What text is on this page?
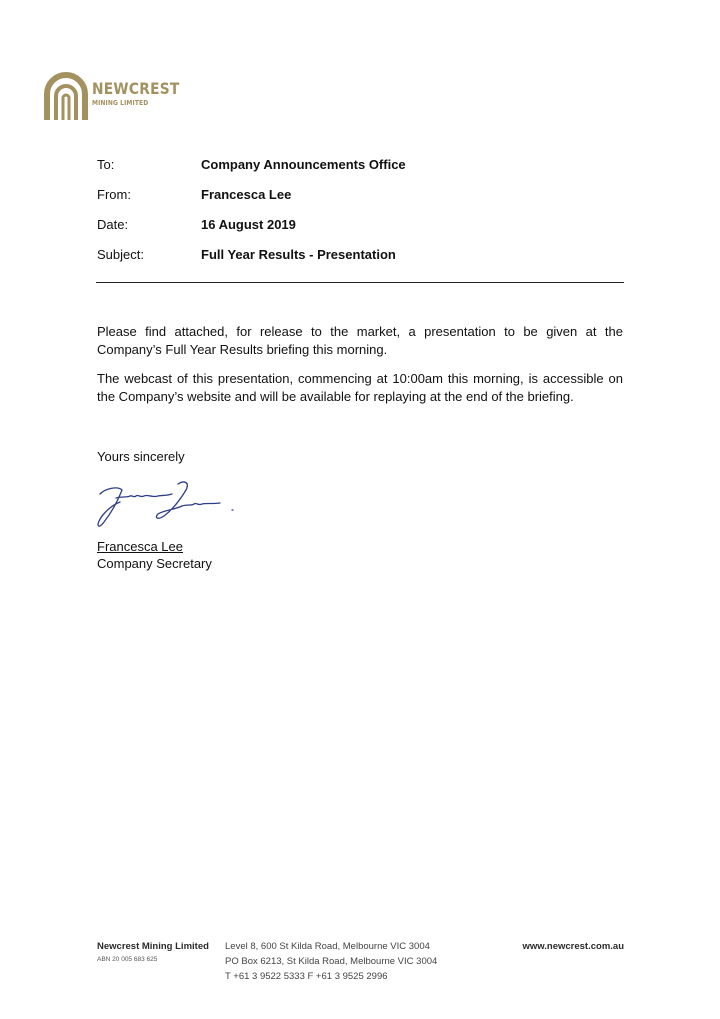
NEWCREST
MINING LIMITED
To:	Company Announcements Office
From:	Francesca Lee
Date:	16 August 2019
Subject:	Full Year Results - Presentation

Please find attached, for release to the market, a presentation to be given at the Company’s Full Year Results briefing this morning.

The webcast of this presentation, commencing at 10:00am this morning, is accessible on the Company’s website and will be available for replaying at the end of the briefing.

Yours sincerely
Francesca Lee
Company Secretary
Newcrest Mining Limited
ABN 20 005 683 625
Level 8, 600 St Kilda Road, Melbourne VIC 3004
PO Box 6213, St Kilda Road, Melbourne VIC 3004
T +61 3 9522 5333 F +61 3 9525 2996
www.newcrest.com.au
